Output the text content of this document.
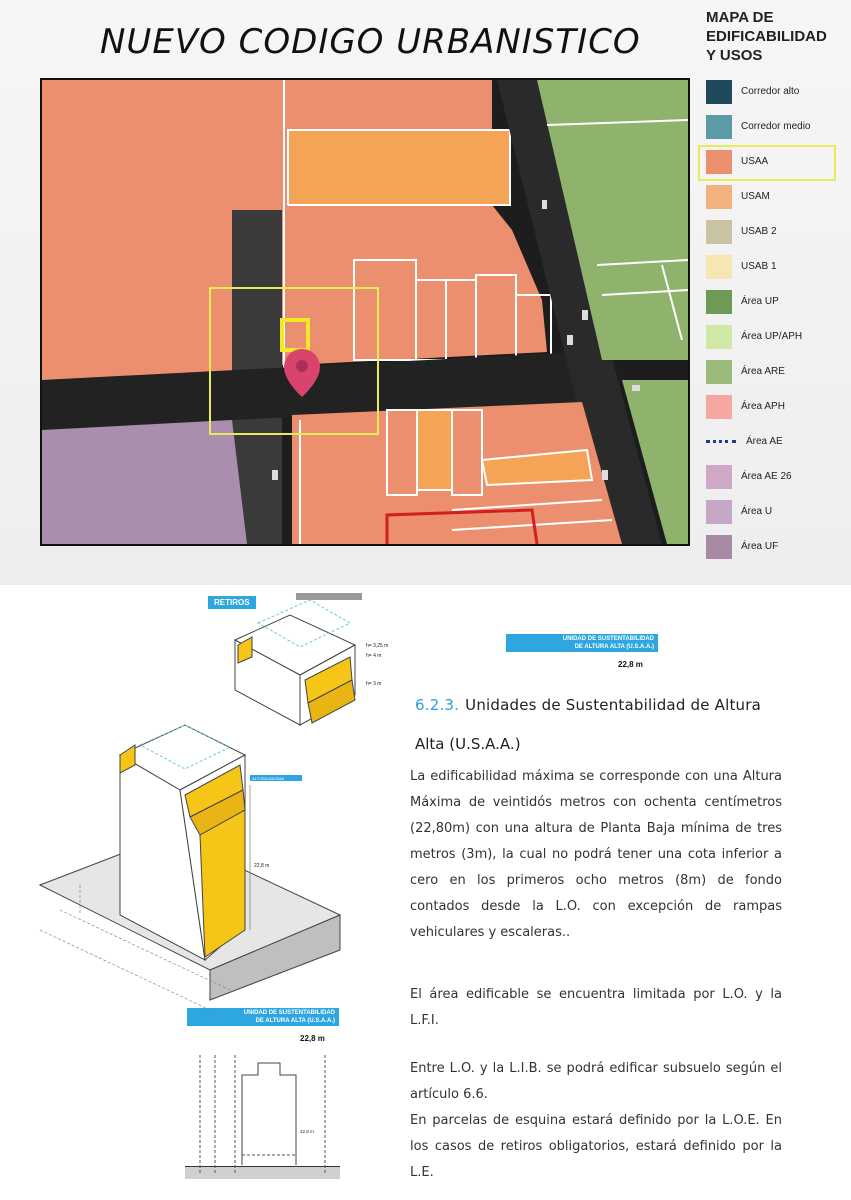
NUEVO CODIGO URBANISTICO
MAPA DE
EDIFICABILIDAD
Y USOS
Corredor alto
Corredor medio
USAA
USAM
USAB 2
USAB 1
Área UP
Área UP/APH
Área ARE
Área APH
Área AE
Área AE 26
Área U
Área UF
RETIROS
UNIDAD DE SUSTENTABILIDAD
DE ALTURA ALTA (U.S.A.A.)
22,8 m
UNIDAD DE SUSTENTABILIDAD
DE ALTURA ALTA (U.S.A.A.)
22,8 m
h= 3,25 m
h= 4 m
h= 3 m
ALTURA MAXIMA
22,8 m
22,8 m
6.2.3. Unidades de Sustentabilidad de Altura
Alta (U.S.A.A.)

La edificabilidad máxima se corresponde con una Altura Máxima de veintidós metros con ochenta centímetros (22,80m) con una altura de Planta Baja mínima de tres metros (3m), la cual no podrá tener una cota inferior a cero en los primeros ocho metros (8m) de fondo contados desde la L.O. con excepción de rampas vehiculares y escaleras..

El área edificable se encuentra limitada por L.O. y la L.F.I.

Entre L.O. y la L.I.B. se podrá edificar subsuelo según el artículo 6.6.

En parcelas de esquina estará definido por la L.O.E. En los casos de retiros obligatorios, estará definido por la L.E.
